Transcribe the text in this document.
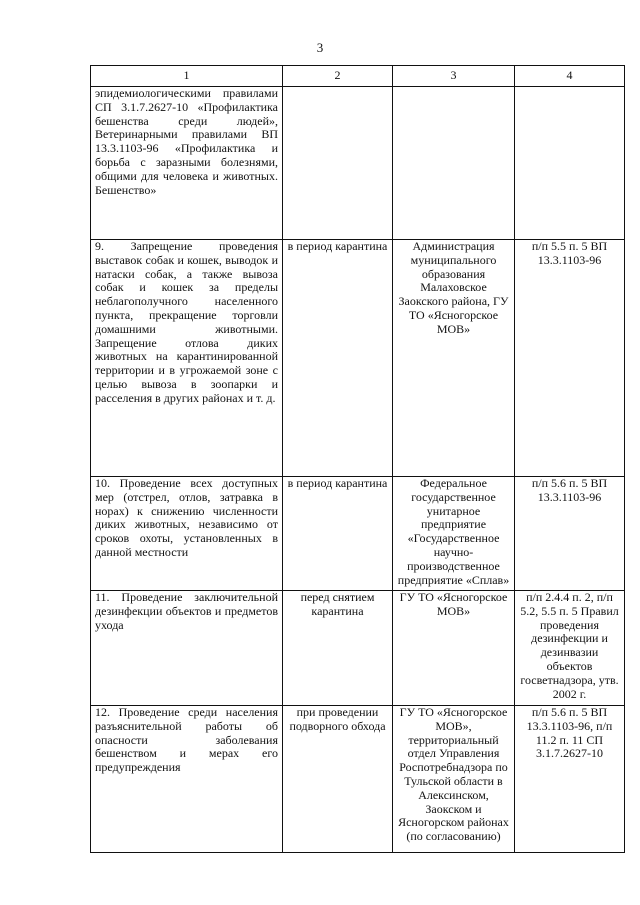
3
1	2	3	4
эпидемиологическими правилами СП 3.1.7.2627-10 «Профилактика бешенства среди людей», Ветеринарными правилами ВП 13.3.1103-96 «Профилактика и борьба с заразными болезнями, общими для человека и животных. Бешенство»			
9. Запрещение проведения выставок собак и кошек, выводок и натаски собак, а также вывоза собак и кошек за пределы неблагополучного населенного пункта, прекращение торговли домашними животными. Запрещение отлова диких животных на карантинированной территории и в угрожаемой зоне с целью вывоза в зоопарки и расселения в других районах и т. д.	в период карантина	Администрация муниципального образования Малаховское Заокского района, ГУ ТО «Ясногорское МОВ»	п/п 5.5 п. 5 ВП 13.3.1103-96
10. Проведение всех доступных мер (отстрел, отлов, затравка в норах) к снижению численности диких животных, независимо от сроков охоты, установленных в данной местности	в период карантина	Федеральное государственное унитарное предприятие «Государственное научно-производственное предприятие «Сплав»	п/п 5.6 п. 5 ВП 13.3.1103-96
11. Проведение заключительной дезинфекции объектов и предметов ухода	перед снятием карантина	ГУ ТО «Ясногорское МОВ»	п/п 2.4.4 п. 2, п/п 5.2, 5.5 п. 5 Правил проведения дезинфекции и дезинвазии объектов госветнадзора, утв. 2002 г.
12. Проведение среди населения разъяснительной работы об опасности заболевания бешенством и мерах его предупреждения	при проведении подворного обхода	ГУ ТО «Ясногорское МОВ», территориальный отдел Управления Роспотребнадзора по Тульской области в Алексинском, Заокском и Ясногорском районах (по согласованию)	п/п 5.6 п. 5 ВП 13.3.1103-96, п/п 11.2 п. 11 СП 3.1.7.2627-10
